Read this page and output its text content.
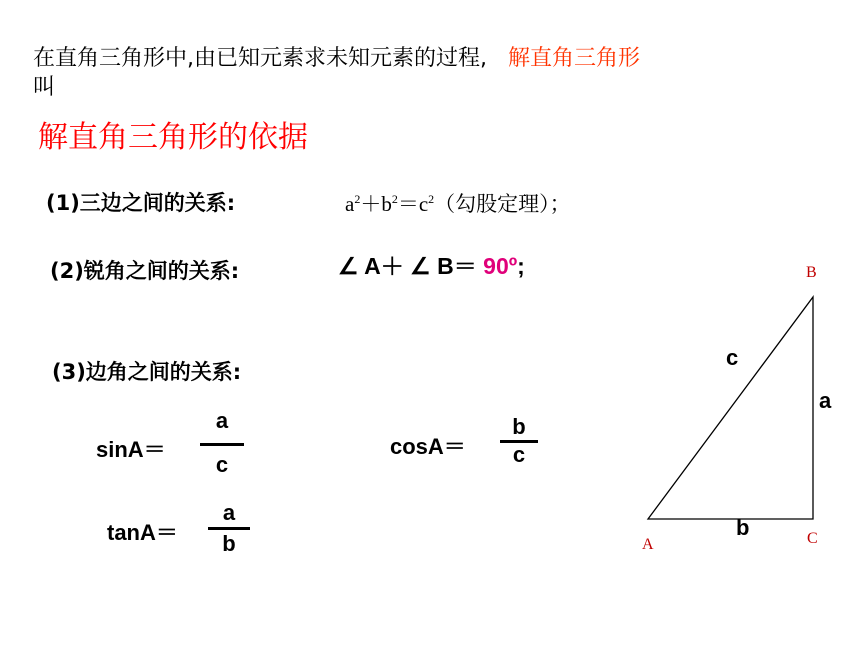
在直角三角形中,由已知元素求未知元素的过程, 解直角三角形
叫
解直角三角形的依据
(1)三边之间的关系:	$a^2+b^2=c^2$（勾股定理）；
(2)锐角之间的关系:	∠ A＋ ∠ B＝ 90º;
(3)边角之间的关系:
sinA＝
a
c
cosA＝
b
c
tanA＝
a
b
B
A	C
c
a
b
